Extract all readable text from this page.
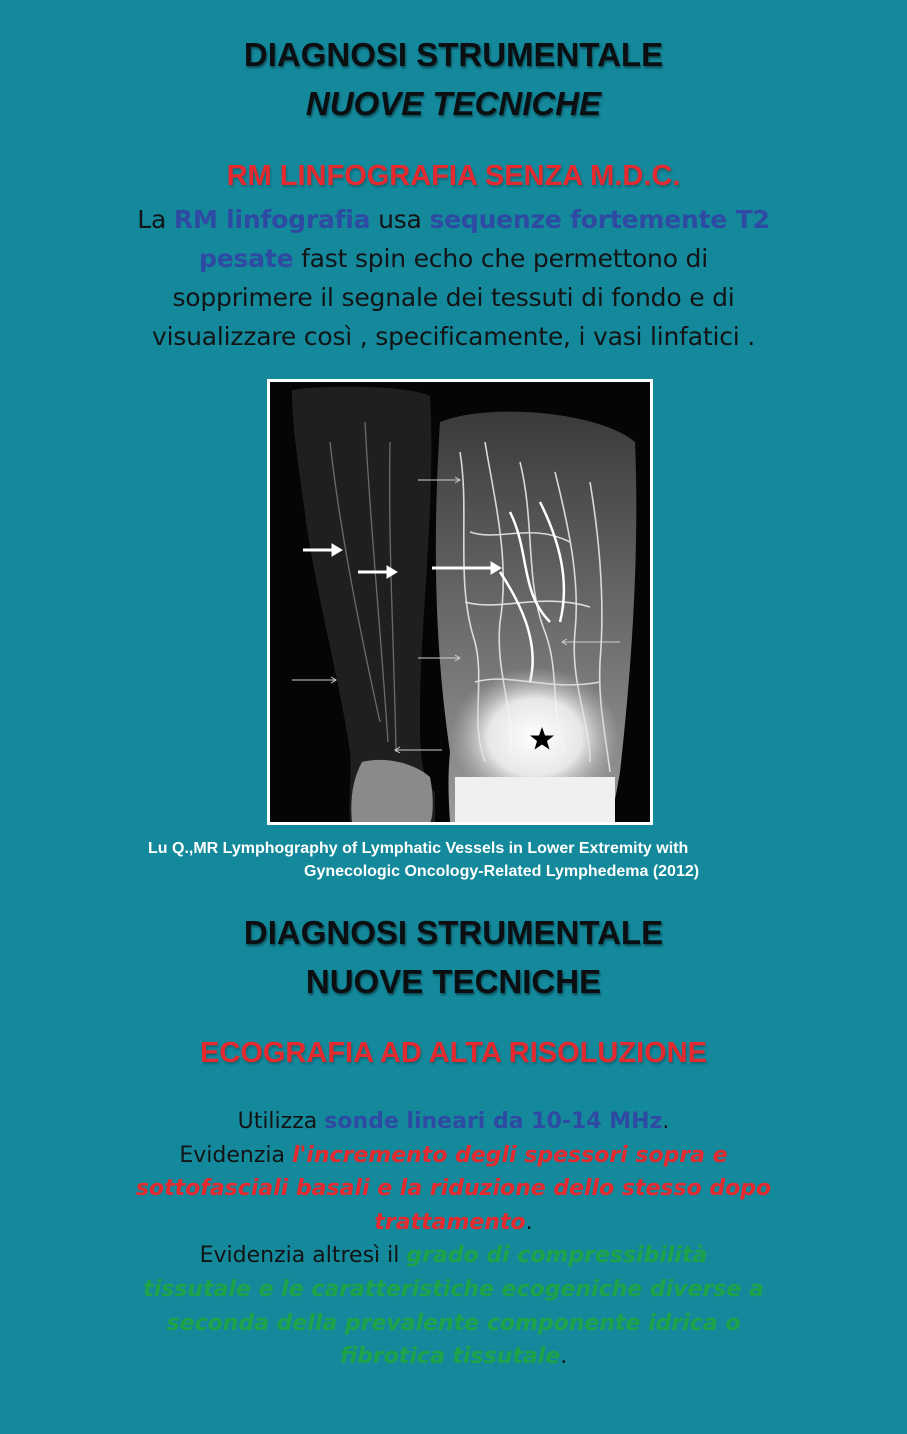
DIAGNOSI STRUMENTALE
NUOVE TECNICHE
RM LINFOGRAFIA SENZA M.D.C.
La RM linfografia usa sequenze fortemente T2
pesate fast spin echo che permettono di
sopprimere il segnale dei tessuti di fondo e di
visualizzare così , specificamente, i vasi linfatici .
Lu Q.,MR Lymphography of Lymphatic Vessels in Lower Extremity with
Gynecologic Oncology-Related Lymphedema (2012)
DIAGNOSI STRUMENTALE
NUOVE TECNICHE
ECOGRAFIA AD ALTA RISOLUZIONE
Utilizza sonde lineari da 10-14 MHz.
Evidenzia l'incremento degli spessori sopra e
sottofasciali basali e la riduzione dello stesso dopo
trattamento.
Evidenzia altresì il grado di compressibilità
tissutale e le caratteristiche ecogeniche diverse a
seconda della prevalente componente idrica o
fibrotica tissutale.
